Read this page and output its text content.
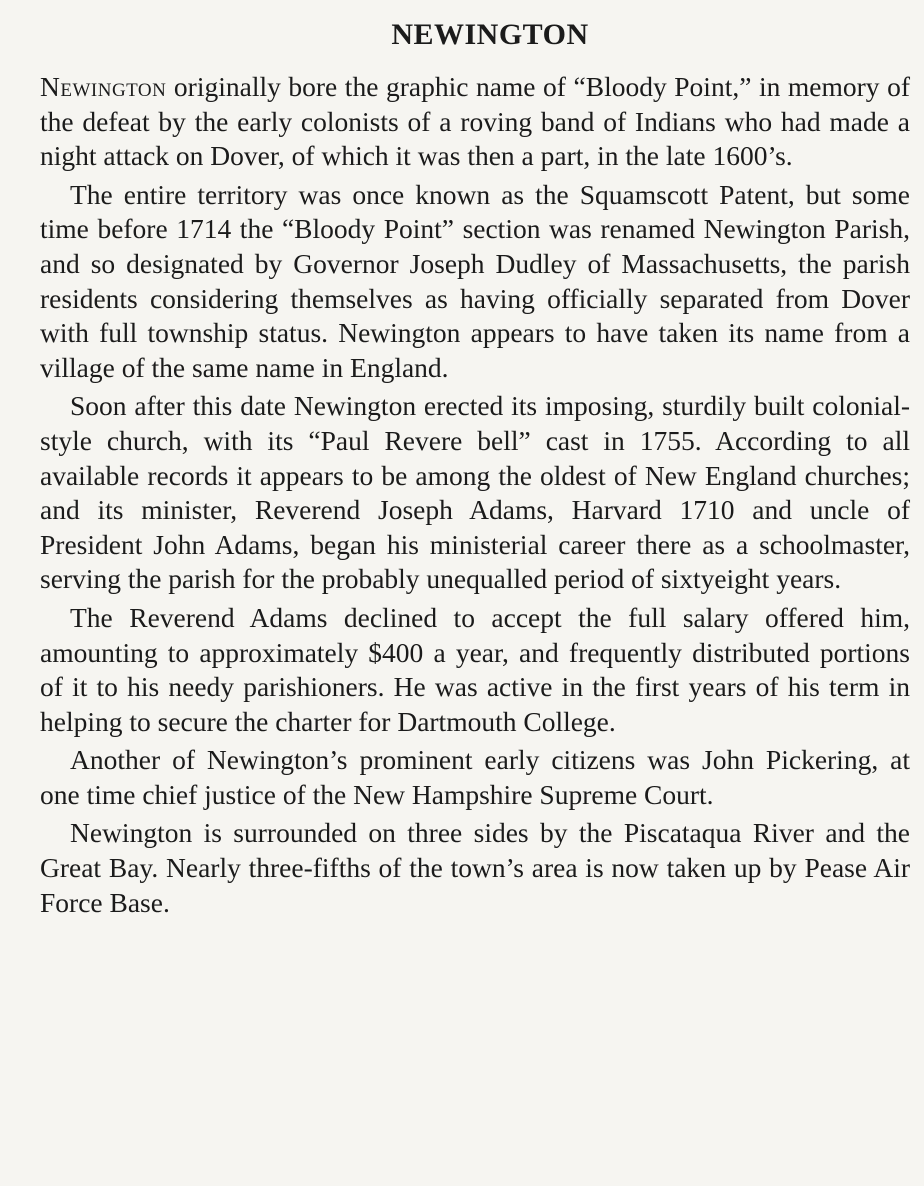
NEWINGTON

Newington originally bore the graphic name of “Bloody Point,” in memory of the defeat by the early colonists of a roving band of Indians who had made a night attack on Dover, of which it was then a part, in the late 1600’s.

The entire territory was once known as the Squamscott Patent, but some time before 1714 the “Bloody Point” section was renamed Newington Parish, and so designated by Governor Joseph Dudley of Massachusetts, the parish residents considering themselves as having officially separated from Dover with full township status. Newington appears to have taken its name from a village of the same name in England.

Soon after this date Newington erected its imposing, sturdily built colonial-style church, with its “Paul Revere bell” cast in 1755. According to all available records it appears to be among the oldest of New England churches; and its minister, Reverend Joseph Adams, Harvard 1710 and uncle of President John Adams, began his ministerial career there as a schoolmaster, serving the parish for the probably unequalled period of sixtyeight years.

The Reverend Adams declined to accept the full salary offered him, amounting to approximately $400 a year, and frequently distributed portions of it to his needy parishioners. He was active in the first years of his term in helping to secure the charter for Dartmouth College.

Another of Newington’s prominent early citizens was John Pickering, at one time chief justice of the New Hampshire Supreme Court.

Newington is surrounded on three sides by the Piscataqua River and the Great Bay. Nearly three-fifths of the town’s area is now taken up by Pease Air Force Base.
